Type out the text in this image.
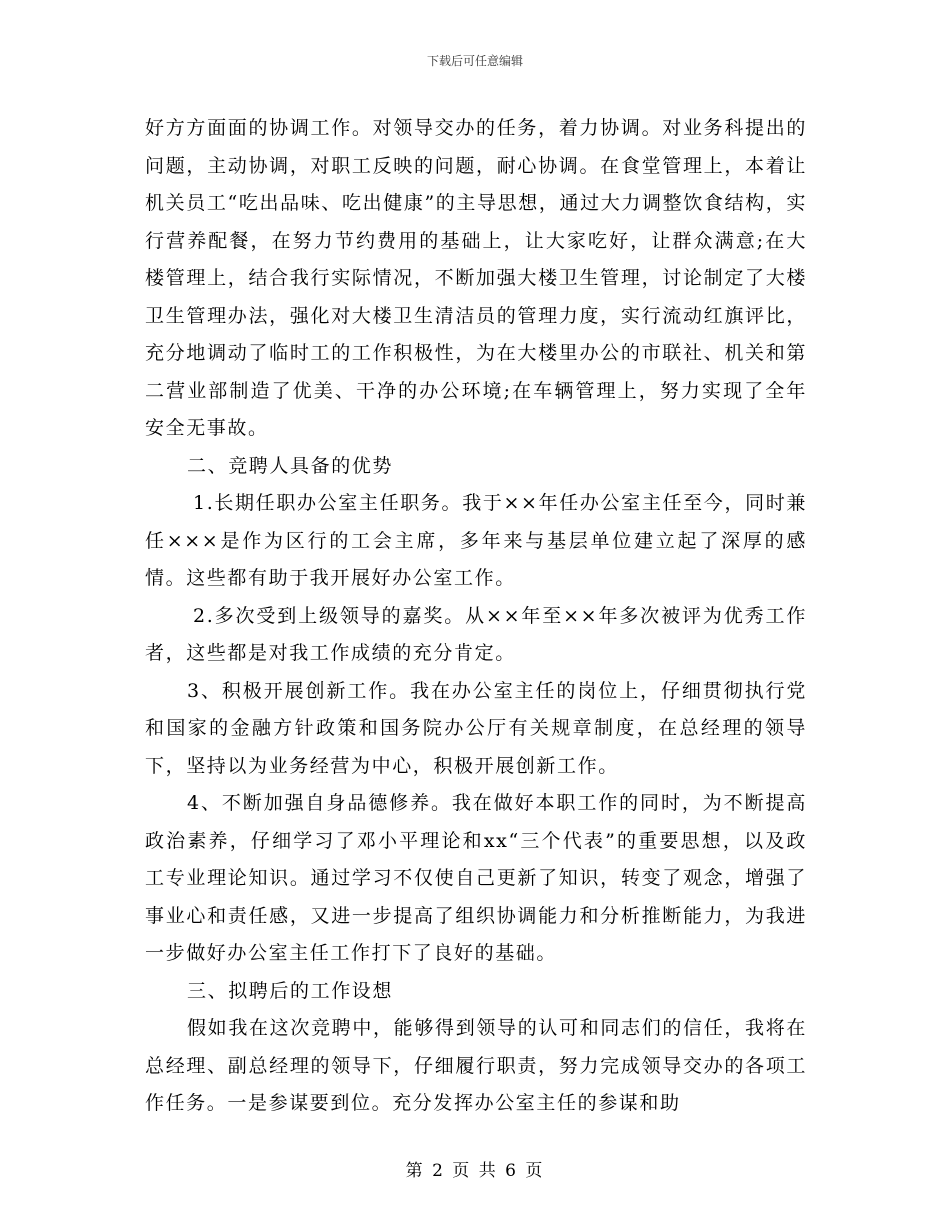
下载后可任意编辑

好方方面面的协调工作。对领导交办的任务，着力协调。对业务科提出的问题，主动协调，对职工反映的问题，耐心协调。在食堂管理上，本着让机关员工“吃出品味、吃出健康”的主导思想，通过大力调整饮食结构，实行营养配餐，在努力节约费用的基础上，让大家吃好，让群众满意;在大楼管理上，结合我行实际情况，不断加强大楼卫生管理，讨论制定了大楼卫生管理办法，强化对大楼卫生清洁员的管理力度，实行流动红旗评比，充分地调动了临时工的工作积极性，为在大楼里办公的市联社、机关和第二营业部制造了优美、干净的办公环境;在车辆管理上，努力实现了全年安全无事故。

二、竞聘人具备的优势

1.长期任职办公室主任职务。我于××年任办公室主任至今，同时兼任×××是作为区行的工会主席，多年来与基层单位建立起了深厚的感情。这些都有助于我开展好办公室工作。

2.多次受到上级领导的嘉奖。从××年至××年多次被评为优秀工作者，这些都是对我工作成绩的充分肯定。

3、积极开展创新工作。我在办公室主任的岗位上，仔细贯彻执行党和国家的金融方针政策和国务院办公厅有关规章制度，在总经理的领导下，坚持以为业务经营为中心，积极开展创新工作。

4、不断加强自身品德修养。我在做好本职工作的同时，为不断提高政治素养，仔细学习了邓小平理论和xx“三个代表”的重要思想，以及政工专业理论知识。通过学习不仅使自己更新了知识，转变了观念，增强了事业心和责任感，又进一步提高了组织协调能力和分析推断能力，为我进一步做好办公室主任工作打下了良好的基础。

三、拟聘后的工作设想

假如我在这次竞聘中，能够得到领导的认可和同志们的信任，我将在总经理、副总经理的领导下，仔细履行职责，努力完成领导交办的各项工作任务。一是参谋要到位。充分发挥办公室主任的参谋和助

第 2 页 共 6 页
